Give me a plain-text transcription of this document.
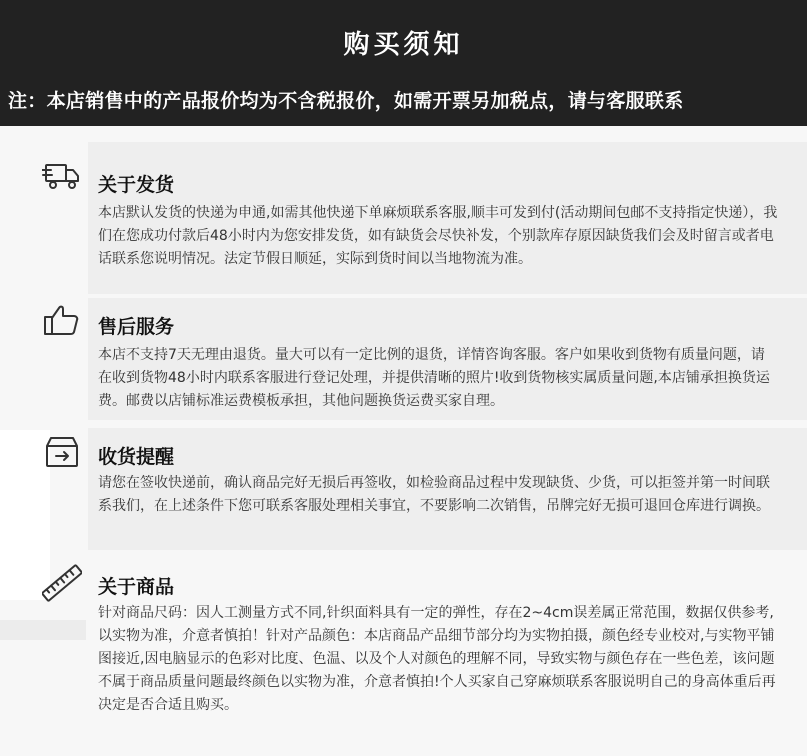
购买须知
注：本店销售中的产品报价均为不含税报价，如需开票另加税点，请与客服联系
关于发货
本店默认发货的快递为申通,如需其他快递下单麻烦联系客服,顺丰可发到付(活动期间包邮不支持指定快递），我们在您成功付款后48小时内为您安排发货，如有缺货会尽快补发，个别款库存原因缺货我们会及时留言或者电话联系您说明情况。法定节假日顺延，实际到货时间以当地物流为准。
售后服务
本店不支持7天无理由退货。量大可以有一定比例的退货，详情咨询客服。客户如果收到货物有质量问题，请在收到货物48小时内联系客服进行登记处理，并提供清晰的照片!收到货物核实属质量问题,本店铺承担换货运费。邮费以店铺标准运费模板承担，其他问题换货运费买家自理。
收货提醒
请您在签收快递前，确认商品完好无损后再签收，如检验商品过程中发现缺货、少货，可以拒签并第一时间联系我们，在上述条件下您可联系客服处理相关事宜，不要影响二次销售，吊牌完好无损可退回仓库进行调换。
关于商品
针对商品尺码：因人工测量方式不同,针织面料具有一定的弹性，存在2~4cm误差属正常范围，数据仅供参考,以实物为准，介意者慎拍！针对产品颜色：本店商品产品细节部分均为实物拍摄，颜色经专业校对,与实物平铺图接近,因电脑显示的色彩对比度、色温、以及个人对颜色的理解不同，导致实物与颜色存在一些色差，该问题不属于商品质量问题最终颜色以实物为准，介意者慎拍!个人买家自己穿麻烦联系客服说明自己的身高体重后再决定是否合适且购买。
